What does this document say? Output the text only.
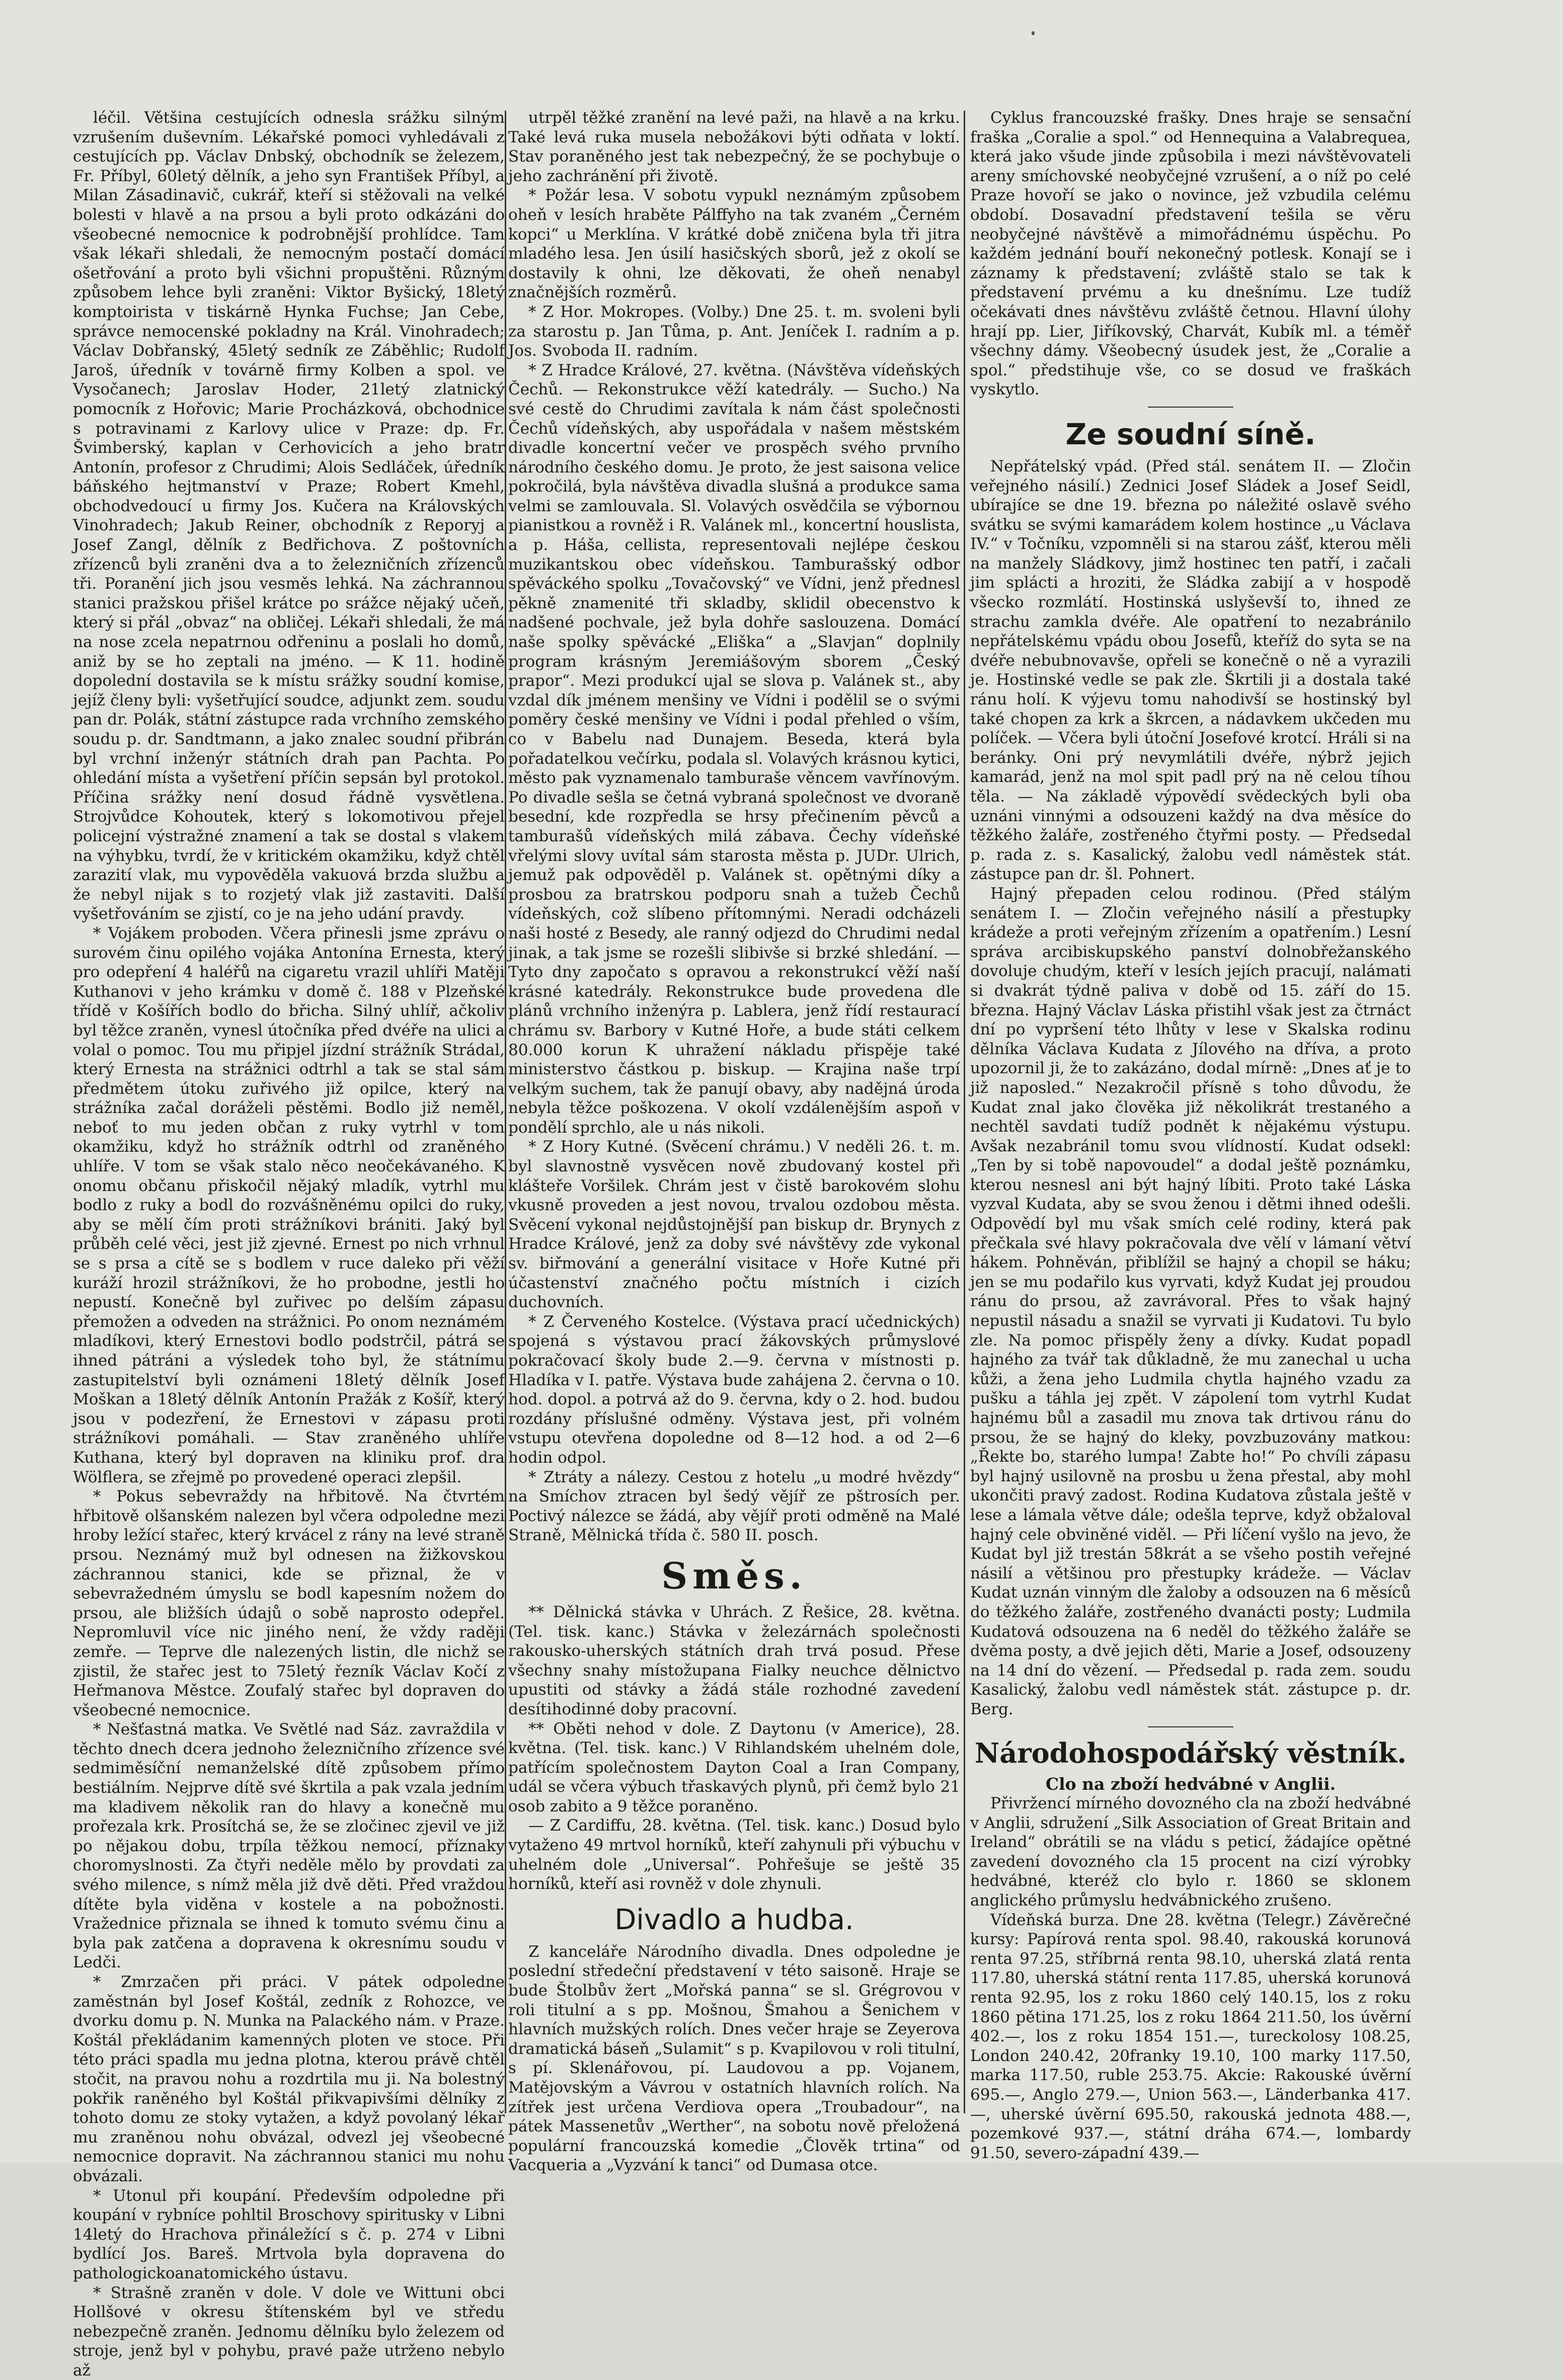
léčil. Většina cestujících odnesla srážku silným vzrušením duševním. Lékařské pomoci vyhledávali z cestujících pp. Václav Dnbský, obchodník se železem, Fr. Příbyl, 60letý dělník, a jeho syn František Příbyl, a Milan Zásadinavič, cukrář, kteří si stěžovali na velké bolesti v hlavě a na prsou a byli proto odkázáni do všeobecné nemocnice k podrobnější prohlídce. Tam však lékaři shledali, že nemocným postačí domácí ošetřování a proto byli všichni propuštěni. Různým způsobem lehce byli zraněni: Viktor Byšický, 18letý komptoirista v tiskárně Hynka Fuchse; Jan Cebe, správce nemocenské pokladny na Král. Vinohradech; Václav Dobřanský, 45letý sedník ze Záběhlic; Rudolf Jaroš, úředník v továrně firmy Kolben a spol. ve Vysočanech; Jaroslav Hoder, 21letý zlatnický pomocník z Hořovic; Marie Procházková, obchodnice s potravinami z Karlovy ulice v Praze: dp. Fr. Švimberský, kaplan v Cerhovicích a jeho bratr Antonín, profesor z Chrudimi; Alois Sedláček, úředník báňského hejtmanství v Praze; Robert Kmehl, obchodvedoucí u firmy Jos. Kučera na Královských Vinohradech; Jakub Reiner, obchodník z Reporyj a Josef Zangl, dělník z Bedřichova. Z poštovních zřízenců byli zraněni dva a to železničních zřízenců tři. Poranění jich jsou vesměs lehká. Na záchrannou stanici pražskou přišel krátce po srážce nějaký učeň, který si přál „obvaz“ na obličej. Lékaři shledali, že má na nose zcela nepatrnou odřeninu a poslali ho domů, aniž by se ho zeptali na jméno. — K 11. hodině dopolední dostavila se k místu srážky soudní komise, jejíž členy byli: vyšetřující soudce, adjunkt zem. soudu pan dr. Polák, státní zástupce rada vrchního zemského soudu p. dr. Sandtmann, a jako znalec soudní přibrán byl vrchní inženýr státních drah pan Pachta. Po ohledání místa a vyšetření příčin sepsán byl protokol. Příčina srážky není dosud řádně vysvětlena. Strojvůdce Kohoutek, který s lokomotivou přejel policejní výstražné znamení a tak se dostal s vlakem na výhybku, tvrdí, že v kritickém okamžiku, když chtěl zarazití vlak, mu vypověděla vakuová brzda službu a že nebyl nijak s to rozjetý vlak již zastaviti. Další vyšetřováním se zjistí, co je na jeho udání pravdy.

* Vojákem proboden. Včera přinesli jsme zprávu o surovém činu opilého vojáka Antonína Ernesta, který pro odepření 4 haléřů na cigaretu vrazil uhlíři Matěji Kuthanovi v jeho krámku v domě č. 188 v Plzeňské třídě v Košířích bodlo do břicha. Silný uhlíř, ačkoliv byl těžce zraněn, vynesl útočníka před dvéře na ulici a volal o pomoc. Tou mu připjel jízdní strážník Strádal, který Ernesta na strážnici odtrhl a tak se stal sám předmětem útoku zuřivého již opilce, který na strážníka začal doráželi pěstěmi. Bodlo již neměl, neboť to mu jeden občan z ruky vytrhl v tom okamžiku, když ho strážník odtrhl od zraněného uhlíře. V tom se však stalo něco neočekávaného. K onomu občanu přiskočil nějaký mladík, vytrhl mu bodlo z ruky a bodl do rozvášněnému opilci do ruky, aby se mělí čím proti strážníkovi brániti. Jaký byl průběh celé věci, jest již zjevné. Ernest po nich vrhnul se s prsa a cítě se s bodlem v ruce daleko při věží kuráží hrozil strážníkovi, že ho probodne, jestli ho nepustí. Konečně byl zuřivec po delším zápasu přemožen a odveden na strážnici. Po onom neznámém mladíkovi, který Ernestovi bodlo podstrčil, pátrá se ihned pátráni a výsledek toho byl, že státnímu zastupitelství byli oznámeni 18letý dělník Josef Moškan a 18letý dělník Antonín Pražák z Košíř, který jsou v podezření, že Ernestovi v zápasu proti strážníkovi pomáhali. — Stav zraněného uhlíře Kuthana, který byl dopraven na kliniku prof. dra Wölflera, se zřejmě po provedené operaci zlepšil.

* Pokus sebevraždy na hřbitově. Na čtvrtém hřbitově olšanském nalezen byl včera odpoledne mezi hroby ležící stařec, který krvácel z rány na levé straně prsou. Neznámý muž byl odnesen na žižkovskou záchrannou stanici, kde se přiznal, že v sebevražedném úmyslu se bodl kapesním nožem do prsou, ale bližších údajů o sobě naprosto odepřel. Nepromluvil více nic jiného není, že vždy raději zemře. — Teprve dle nalezených listin, dle nichž se zjistil, že stařec jest to 75letý řezník Václav Kočí z Heřmanova Městce. Zoufalý stařec byl dopraven do všeobecné nemocnice.

* Nešťastná matka. Ve Světlé nad Sáz. zavraždila v těchto dnech dcera jednoho železničního zřízence své sedmiměsíční nemanželské dítě způsobem přímo bestiálním. Nejprve dítě své škrtila a pak vzala jedním ma kladivem několik ran do hlavy a konečně mu prořezala krk. Prosítchá se, že se zločinec zjevil ve již po nějakou dobu, trpíla těžkou nemocí, příznaky choromyslnosti. Za čtyři neděle mělo by provdati za svého milence, s nímž měla již dvě děti. Před vraždou dítěte byla viděna v kostele a na pobožnosti. Vražednice přiznala se ihned k tomuto svému činu a byla pak zatčena a dopravena k okresnímu soudu v Ledči.

* Zmrzačen při práci. V pátek odpoledne zaměstnán byl Josef Koštál, zedník z Rohozce, ve dvorku domu p. N. Munka na Palackého nám. v Praze. Koštál překládanim kamenných ploten ve stoce. Při této práci spadla mu jedna plotna, kterou právě chtěl stočit, na pravou nohu a rozdrtila mu ji. Na bolestný pokřik raněného byl Koštál přikvapivšími dělníky z tohoto domu ze stoky vytažen, a když povolaný lékař mu zraněnou nohu obvázal, odvezl jej všeobecné nemocnice dopravit. Na záchrannou stanici mu nohu obvázali.

* Utonul při koupání. Především odpoledne při koupání v rybníce pohltil Broschovy spiritusky v Libni 14letý do Hrachova přináležící s č. p. 274 v Libni bydlící Jos. Bareš. Mrtvola byla dopravena do pathologickoanatomického ústavu.

* Strašně zraněn v dole. V dole ve Wittuni obci Hollšové v okresu štítenském byl ve středu nebezpečně zraněn. Jednomu dělníku bylo železem od stroje, jenž byl v pohybu, pravé paže utrženo nebylo až

utrpěl těžké zranění na levé paži, na hlavě a na krku. Také levá ruka musela nebožákovi býti odňata v loktí. Stav poraněného jest tak nebezpečný, že se pochybuje o jeho zachránění při životě.

* Požár lesa. V sobotu vypukl neznámým způsobem oheň v lesích hraběte Pálffyho na tak zvaném „Černém kopci“ u Merklína. V krátké době zničena byla tři jitra mladého lesa. Jen úsilí hasičských sborů, jež z okolí se dostavily k ohni, lze děkovati, že oheň nenabyl značnějších rozměrů.

* Z Hor. Mokropes. (Volby.) Dne 25. t. m. svoleni byli za starostu p. Jan Tůma, p. Ant. Jeníček I. radním a p. Jos. Svoboda II. radním.

* Z Hradce Králové, 27. května. (Návštěva vídeňských Čechů. — Rekonstrukce věží katedrály. — Sucho.) Na své cestě do Chrudimi zavítala k nám část společnosti Čechů vídeňských, aby uspořádala v našem městském divadle koncertní večer ve prospěch svého prvního národního českého domu. Je proto, že jest saisona velice pokročilá, byla návštěva divadla slušná a produkce sama velmi se zamlouvala. Sl. Volavých osvědčila se výbornou pianistkou a rovněž i R. Valánek ml., koncertní houslista, a p. Háša, cellista, representovali nejlépe českou muzikantskou obec vídeňskou. Tamburašský odbor spěváckého spolku „Tovačovský“ ve Vídni, jenž přednesl pěkně znamenité tři skladby, sklidil obecenstvo k nadšené pochvale, jež byla dohře saslouzena. Domácí naše spolky spěvácké „Eliška“ a „Slavjan“ doplnily program krásným Jeremiášovým sborem „Český prapor“. Mezi produkcí ujal se slova p. Valánek st., aby vzdal dík jménem menšiny ve Vídni i podělil se o svými poměry české menšiny ve Vídni i podal přehled o vším, co v Babelu nad Dunajem. Beseda, která byla pořadatelkou večírku, podala sl. Volavých krásnou kytici, město pak vyznamenalo tamburaše věncem vavřínovým. Po divadle sešla se četná vybraná společnost ve dvoraně besední, kde rozpředla se hrsy přečinením pěvců a tamburašů vídeňských milá zábava. Čechy vídeňské vřelými slovy uvítal sám starosta města p. JUDr. Ulrich, jemuž pak odpověděl p. Valánek st. opětnými díky a prosbou za bratrskou podporu snah a tužeb Čechů vídeňských, což slíbeno přítomnými. Neradi odcházeli naši hosté z Besedy, ale ranný odjezd do Chrudimi nedal jinak, a tak jsme se rozešli slibivše si brzké shledání. — Tyto dny započato s opravou a rekonstrukcí věží naší krásné katedrály. Rekonstrukce bude provedena dle plánů vrchního inženýra p. Lablera, jenž řídí restaurací chrámu sv. Barbory v Kutné Hoře, a bude státi celkem 80.000 korun K uhražení nákladu přispěje také ministerstvo částkou p. biskup. — Krajina naše trpí velkým suchem, tak že panují obavy, aby nadějná úroda nebyla těžce poškozena. V okolí vzdálenějším aspoň v pondělí sprchlo, ale u nás nikoli.

* Z Hory Kutné. (Svěcení chrámu.) V neděli 26. t. m. byl slavnostně vysvěcen nově zbudovaný kostel při klášteře Voršilek. Chrám jest v čistě barokovém slohu vkusně proveden a jest novou, trvalou ozdobou města. Svěcení vykonal nejdůstojnější pan biskup dr. Brynych z Hradce Králové, jenž za doby své návštěvy zde vykonal sv. biřmování a generální visitace v Hoře Kutné při účastenství značného počtu místních i cizích duchovních.

* Z Červeného Kostelce. (Výstava prací učednických) spojená s výstavou prací žákovských průmyslové pokračovací školy bude 2.—9. června v místnosti p. Hladíka v I. patře. Výstava bude zahájena 2. června o 10. hod. dopol. a potrvá až do 9. června, kdy o 2. hod. budou rozdány příslušné odměny. Výstava jest, při volném vstupu otevřena dopoledne od 8—12 hod. a od 2—6 hodin odpol.

* Ztráty a nálezy. Cestou z hotelu „u modré hvězdy“ na Smíchov ztracen byl šedý vějíř ze pštrosích per. Poctivý nálezce se žádá, aby vějíř proti odměně na Malé Straně, Mělnická třída č. 580 II. posch.

Směs.

** Dělnická stávka v Uhrách. Z Řešice, 28. května. (Tel. tisk. kanc.) Stávka v železárnách společnosti rakousko-uherských státních drah trvá posud. Přese všechny snahy místožupana Fialky neuchce dělnictvo upustiti od stávky a žádá stále rozhodné zavedení desítihodinné doby pracovní.

** Oběti nehod v dole. Z Daytonu (v Americe), 28. května. (Tel. tisk. kanc.) V Rihlandském uhelném dole, patřícím společnostem Dayton Coal a Iran Company, udál se včera výbuch třaskavých plynů, při čemž bylo 21 osob zabito a 9 těžce poraněno.

— Z Cardiffu, 28. května. (Tel. tisk. kanc.) Dosud bylo vytaženo 49 mrtvol horníků, kteří zahynuli při výbuchu v uhelném dole „Universal“. Pohřešuje se ještě 35 horníků, kteří asi rovněž v dole zhynuli.

Divadlo a hudba.

Z kanceláře Národního divadla. Dnes odpoledne je poslední středeční představení v této saisoně. Hraje se bude Štolbův žert „Mořská panna“ se sl. Grégrovou v roli titulní a s pp. Mošnou, Šmahou a Šenichem v hlavních mužských rolích. Dnes večer hraje se Zeyerova dramatická báseň „Sulamit“ s p. Kvapilovou v roli titulní, s pí. Sklenářovou, pí. Laudovou a pp. Vojanem, Matějovským a Vávrou v ostatních hlavních rolích. Na zítřek jest určena Verdiova opera „Troubadour“, na pátek Massenetův „Werther“, na sobotu nově přeložená populární francouzská komedie „Člověk trtina“ od Vacqueria a „Vyzvání k tanci“ od Dumasa otce.

Cyklus francouzské frašky. Dnes hraje se sensační fraška „Coralie a spol.“ od Hennequina a Valabrequea, která jako všude jinde způsobila i mezi návštěvovateli areny smíchovské neobyčejné vzrušení, a o níž po celé Praze hovoří se jako o novince, jež vzbudila celému období. Dosavadní představení tešila se věru neobyčejné návštěvě a mimořádnému úspěchu. Po každém jednání bouří nekonečný potlesk. Konají se i záznamy k představení; zvláště stalo se tak k představení prvému a ku dnešnímu. Lze tudíž očekávati dnes návštěvu zvláště četnou. Hlavní úlohy hrají pp. Lier, Jiříkovský, Charvát, Kubík ml. a téměř všechny dámy. Všeobecný úsudek jest, že „Coralie a spol.“ předstihuje vše, co se dosud ve fraškách vyskytlo.

Ze soudní síně.

Nepřátelský vpád. (Před stál. senátem II. — Zločin veřejného násilí.) Zednici Josef Sládek a Josef Seidl, ubírajíce se dne 19. března po náležité oslavě svého svátku se svými kamarádem kolem hostince „u Václava IV.“ v Točníku, vzpomněli si na starou zášť, kterou měli na manžely Sládkovy, jimž hostinec ten patří, i začali jim splácti a hroziti, že Sládka zabijí a v hospodě všecko rozmlátí. Hostinská uslyševší to, ihned ze strachu zamkla dvéře. Ale opatření to nezabránilo nepřátelskému vpádu obou Josefů, kteříž do syta se na dvéře nebubnovavše, opřeli se konečně o ně a vyrazili je. Hostinské vedle se pak zle. Škrtili ji a dostala také ránu holí. K výjevu tomu nahodivší se hostinský byl také chopen za krk a škrcen, a nádavkem ukčeden mu políček. — Včera byli útoční Josefové krotcí. Hráli si na beránky. Oni prý nevymlátili dvéře, nýbrž jejich kamarád, jenž na mol spit padl prý na ně celou tíhou těla. — Na základě výpovědí svědeckých byli oba uznáni vinnými a odsouzeni každý na dva měsíce do těžkého žaláře, zostřeného čtyřmi posty. — Předsedal p. rada z. s. Kasalický, žalobu vedl náměstek stát. zástupce pan dr. šl. Pohnert.

Hajný přepaden celou rodinou. (Před stálým senátem I. — Zločin veřejného násilí a přestupky krádeže a proti veřejným zřízením a opatřením.) Lesní správa arcibiskupského panství dolnobřežanského dovoluje chudým, kteří v lesích jejích pracují, nalámati si dvakrát týdně paliva v době od 15. září do 15. března. Hajný Václav Láska přistihl však jest za čtrnáct dní po vypršení této lhůty v lese v Skalska rodinu dělníka Václava Kudata z Jílového na dříva, a proto upozornil ji, že to zakázáno, dodal mírně: „Dnes ať je to již naposled.“ Nezakročil přísně s toho důvodu, že Kudat znal jako člověka již několikrát trestaného a nechtěl savdati tudíž podnět k nějakému výstupu. Avšak nezabránil tomu svou vlídností. Kudat odsekl: „Ten by si tobě napovoudel“ a dodal ještě poznámku, kterou nesnesl ani být hajný líbiti. Proto také Láska vyzval Kudata, aby se svou ženou i dětmi ihned odešli. Odpovědí byl mu však smích celé rodiny, která pak přečkala své hlavy pokračovala dve vělí v lámaní větví hákem. Pohněván, přiblížil se hajný a chopil se háku; jen se mu podařilo kus vyrvati, když Kudat jej proudou ránu do prsou, až zavrávoral. Přes to však hajný nepustil násadu a snažil se vyrvati ji Kudatovi. Tu bylo zle. Na pomoc přispěly ženy a dívky. Kudat popadl hajného za tvář tak důkladně, že mu zanechal u ucha kůži, a žena jeho Ludmila chytla hajného vzadu za pušku a táhla jej zpět. V zápolení tom vytrhl Kudat hajnému bůl a zasadil mu znova tak drtivou ránu do prsou, že se hajný do kleky, povzbuzovány matkou: „Řekte bo, starého lumpa! Zabte ho!“ Po chvíli zápasu byl hajný usilovně na prosbu u žena přestal, aby mohl ukončiti pravý zadost. Rodina Kudatova zůstala ještě v lese a lámala větve dále; odešla teprve, když obžaloval hajný cele obviněné viděl. — Při líčení vyšlo na jevo, že Kudat byl již trestán 58krát a se všeho postih veřejné násilí a většinou pro přestupky krádeže. — Václav Kudat uznán vinným dle žaloby a odsouzen na 6 měsíců do těžkého žaláře, zostřeného dvanácti posty; Ludmila Kudatová odsouzena na 6 neděl do těžkého žaláře se dvěma posty, a dvě jejich děti, Marie a Josef, odsouzeny na 14 dní do vězení. — Předsedal p. rada zem. soudu Kasalický, žalobu vedl náměstek stát. zástupce p. dr. Berg.

Národohospodářský věstník.

Clo na zboží hedvábné v Anglii.

Přivržencí mírného dovozného cla na zboží hedvábné v Anglii, sdružení „Silk Association of Great Britain and Ireland“ obrátili se na vládu s peticí, žádajíce opětné zavedení dovozného cla 15 procent na cizí výrobky hedvábné, kteréž clo bylo r. 1860 se sklonem anglického průmyslu hedvábnického zrušeno.

Vídeňská burza. Dne 28. května (Telegr.) Závěrečné kursy: Papírová renta spol. 98.40, rakouská korunová renta 97.25, stříbrná renta 98.10, uherská zlatá renta 117.80, uherská státní renta 117.85, uherská korunová renta 92.95, los z roku 1860 celý 140.15, los z roku 1860 pětina 171.25, los z roku 1864 211.50, los úvěrní 402.—, los z roku 1854 151.—, tureckolosy 108.25, London 240.42, 20franky 19.10, 100 marky 117.50, marka 117.50, ruble 253.75. Akcie: Rakouské úvěrní 695.—, Anglo 279.—, Union 563.—, Länderbanka 417.—, uherské úvěrní 695.50, rakouská jednota 488.—, pozemkové 937.—, státní dráha 674.—, lombardy 91.50, severo-západní 439.—
